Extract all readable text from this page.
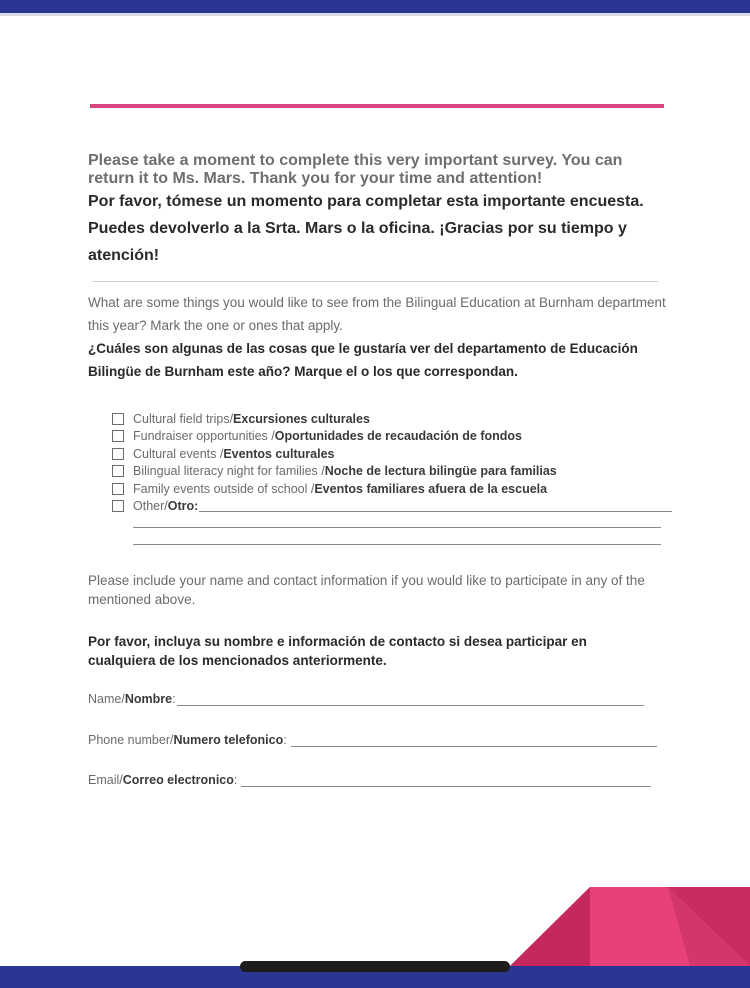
Please take a moment to complete this very important survey. You can return it to Ms. Mars. Thank you for your time and attention!

Por favor, tómese un momento para completar esta importante encuesta. Puedes devolverlo a la Srta. Mars o la oficina. ¡Gracias por su tiempo y atención!

What are some things you would like to see from the Bilingual Education at Burnham department this year? Mark the one or ones that apply.

¿Cuáles son algunas de las cosas que le gustaría ver del departamento de Educación Bilingüe de Burnham este año? Marque el o los que correspondan.

Cultural field trips/ Excursiones culturales
Fundraiser opportunities / Oportunidades de recaudación de fondos
Cultural events / Eventos culturales
Bilingual literacy night for families / Noche de lectura bilingüe para familias
Family events outside of school / Eventos familiares afuera de la escuela
Other/ Otro:

Please include your name and contact information if you would like to participate in any of the mentioned above.

Por favor, incluya su nombre e información de contacto si desea participar en cualquiera de los mencionados anteriormente.

Name/ Nombre :
Phone number/ Numero telefonico :
Email/ Correo electronico :
